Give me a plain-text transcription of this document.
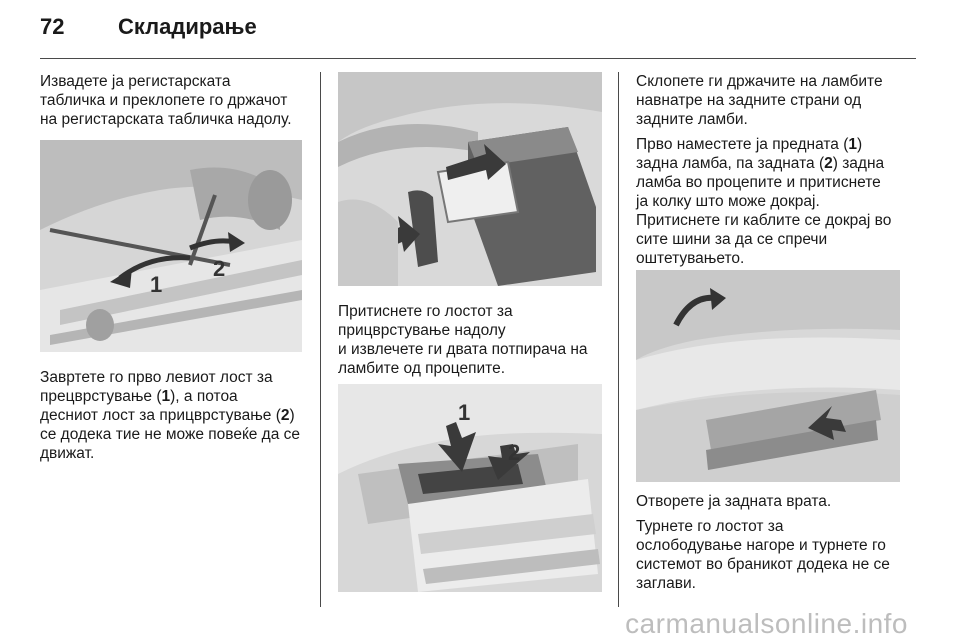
72	Складирање

Извадете ја регистарската
табличка и преклопете го држачот
на регистарската табличка надолу.

1
2

Завртете го прво левиот лост за
прецврстување (1), а потоа
десниот лост за прицврстување (2)
се додека тие не може повеќе да се
движат.

Притиснете го лостот за
прицврстување надолу
и извлечете ги двата потпирача на
ламбите од процепите.

1
2

Склопете ги држачите на ламбите
навнатре на задните страни од
задните ламби.

Прво наместете ја предната (1)
задна ламба, па задната (2) задна
ламба во процепите и притиснете
ја колку што може докрај.
Притиснете ги каблите се докрај во
сите шини за да се спречи
оштетувањето.

Отворете ја задната врата.

Турнете го лостот за
ослободување нагоре и турнете го
системот во браникот додека не се
заглави.

carmanualsonline.info
